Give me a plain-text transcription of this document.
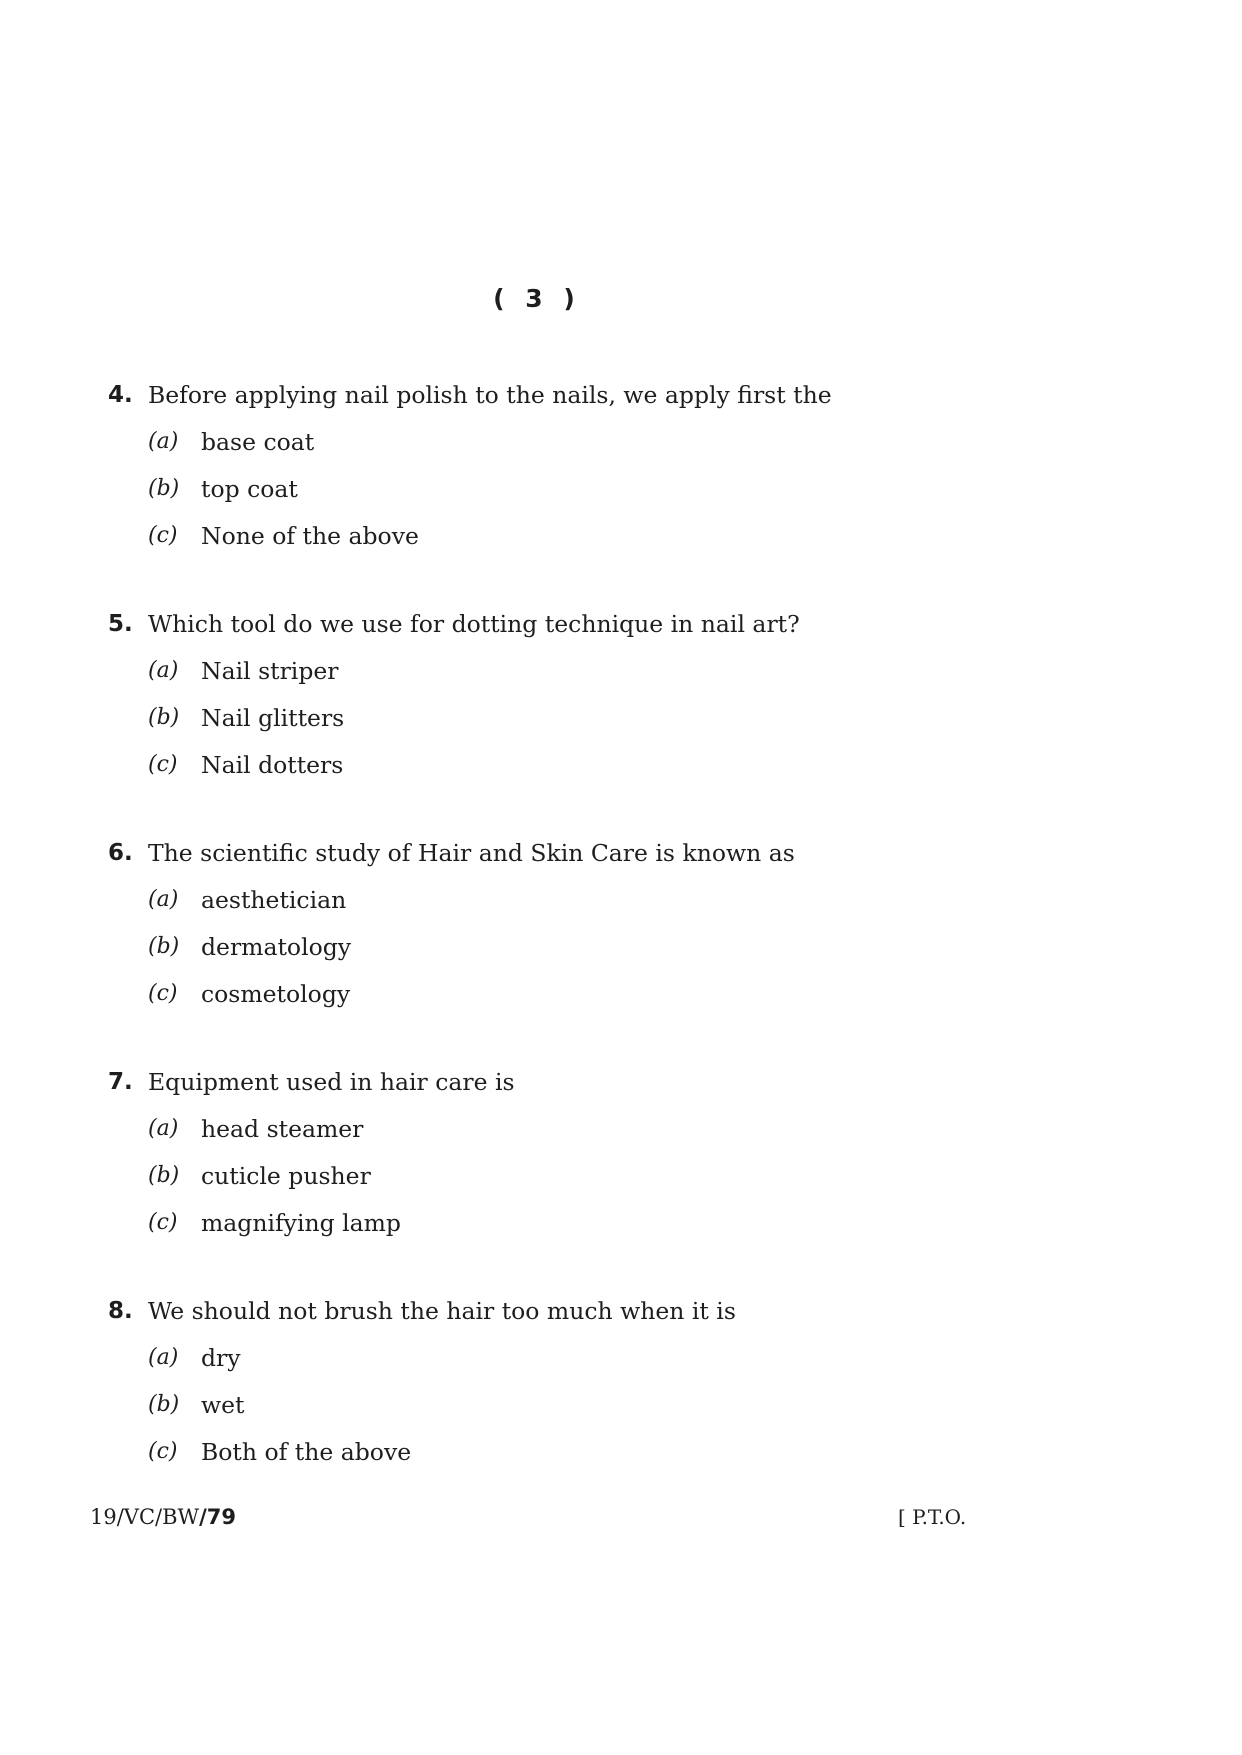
( 3 )
4. Before applying nail polish to the nails, we apply first the
(a) base coat
(b) top coat
(c) None of the above
5. Which tool do we use for dotting technique in nail art?
(a) Nail striper
(b) Nail glitters
(c) Nail dotters
6. The scientific study of Hair and Skin Care is known as
(a) aesthetician
(b) dermatology
(c) cosmetology
7. Equipment used in hair care is
(a) head steamer
(b) cuticle pusher
(c) magnifying lamp
8. We should not brush the hair too much when it is
(a) dry
(b) wet
(c) Both of the above
19/VC/BW/79	[ P.T.O.
